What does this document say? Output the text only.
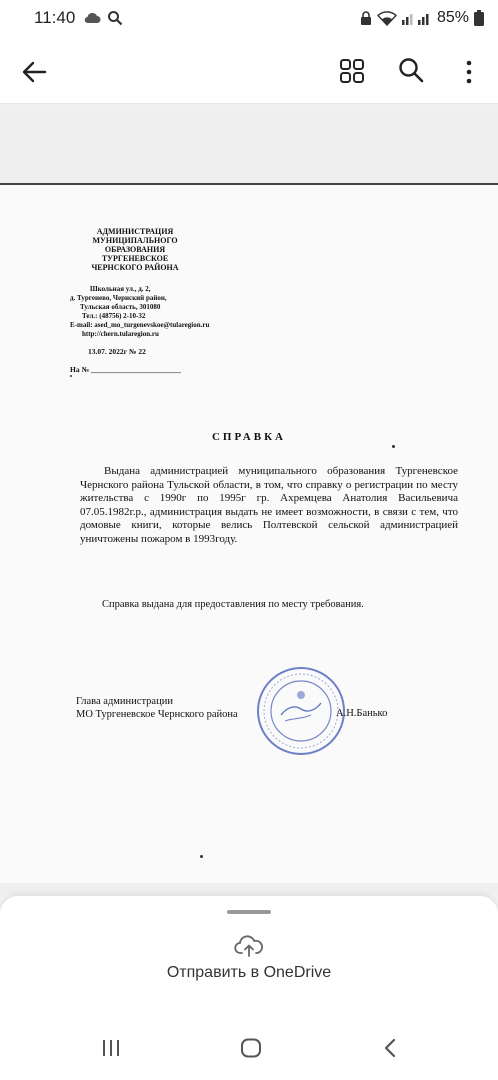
11:40	85%
АДМИНИСТРАЦИЯ
МУНИЦИПАЛЬНОГО
ОБРАЗОВАНИЯ
ТУРГЕНЕВСКОЕ
ЧЕРНСКОГО РАЙОНА
Школьная ул., д. 2,
д. Тургенево, Чернский район,
Тульская область, 301080
Тел.: (48756) 2-10-32
E-mail: ased_mo_turgenevskoe@tularegion.ru
http://chern.tularegion.ru
13.07. 2022г № 22
На № ________________________
СПРАВКА
Выдана администрацией муниципального образования Тургеневское Чернского района Тульской области, в том, что справку о регистрации по месту жительства с 1990г по 1995г гр. Ахремцева Анатолия Васильевича 07.05.1982г.р., администрация выдать не имеет возможности, в связи с тем, что домовые книги, которые велись Полтевской сельской администрацией уничтожены пожаром в 1993году.
Справка выдана для предоставления по месту требования.
Глава администрации
МО Тургеневское Чернского района	А.Н.Банько
Отправить в OneDrive
